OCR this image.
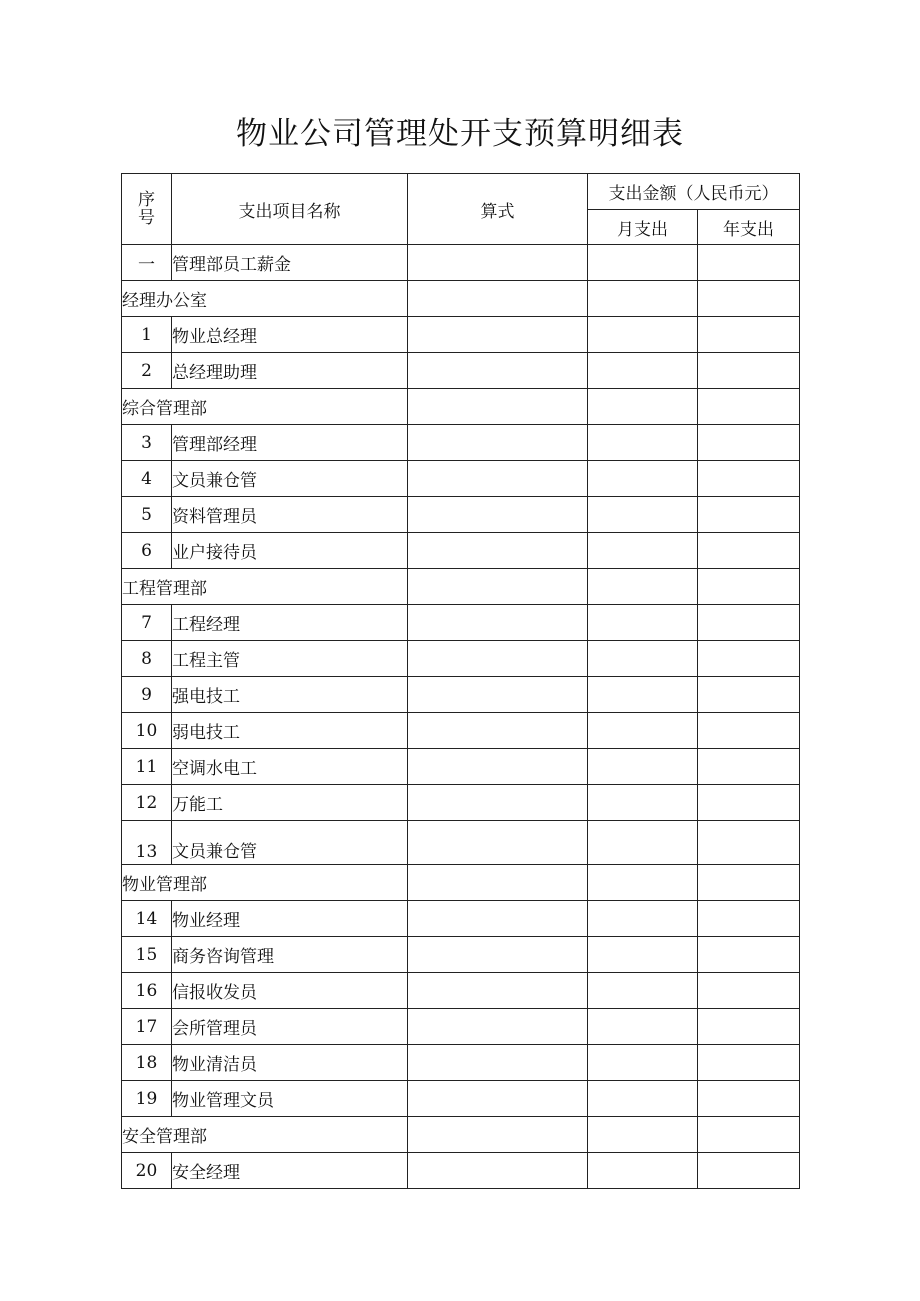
物业公司管理处开支预算明细表
序
号	支出项目名称	算式	支出金额（人民币元）	
			月支出	年支出
一	管理部员工薪金			
经理办公室				
1	物业总经理			
2	总经理助理			
综合管理部				
3	管理部经理			
4	文员兼仓管			
5	资料管理员			
6	业户接待员			
工程管理部				
7	工程经理			
8	工程主管			
9	强电技工			
10	弱电技工			
11	空调水电工			
12	万能工			
13	文员兼仓管			
物业管理部				
14	物业经理			
15	商务咨询管理			
16	信报收发员			
17	会所管理员			
18	物业清洁员			
19	物业管理文员			
安全管理部				
20	安全经理			
